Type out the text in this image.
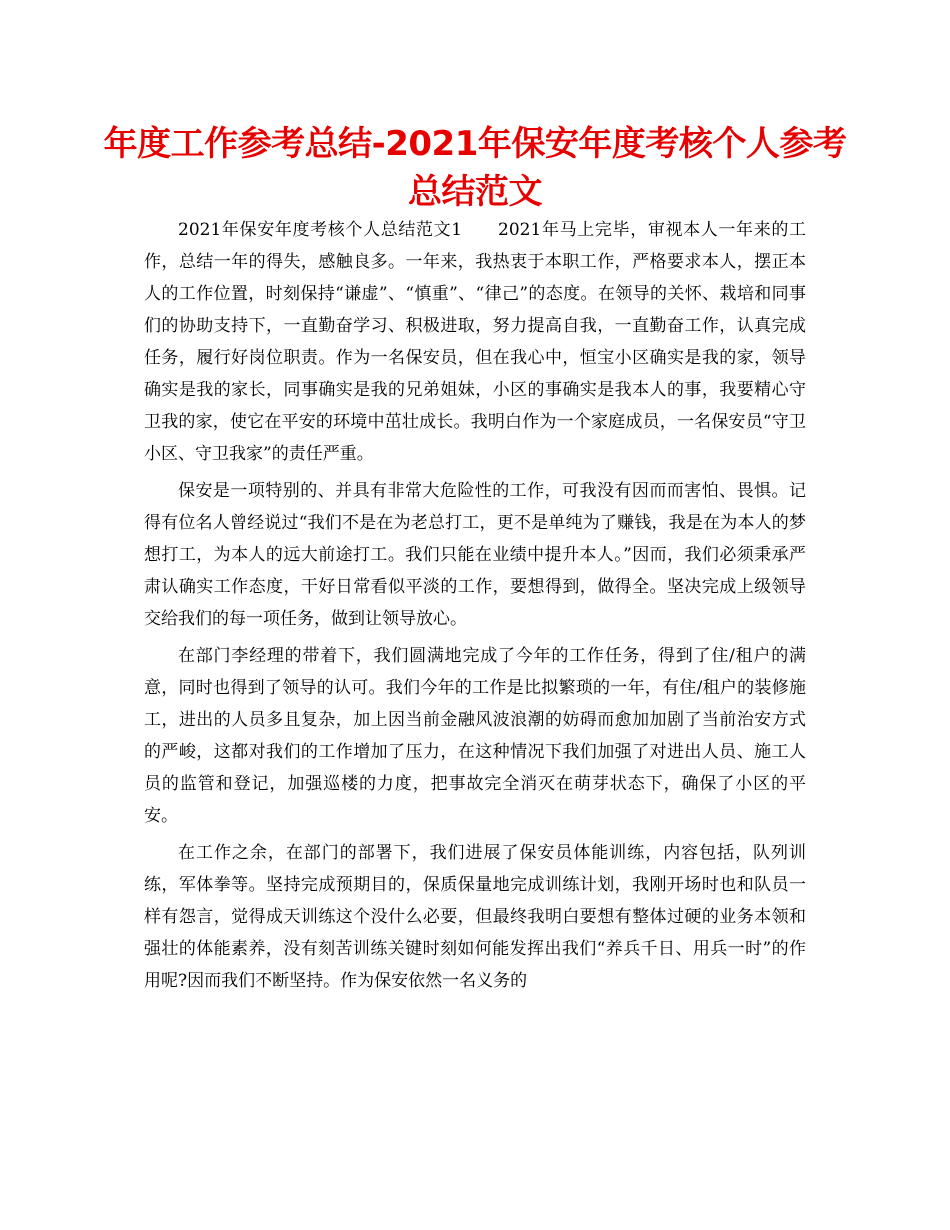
年度工作参考总结-2021年保安年度考核个人参考总结范文

2021年保安年度考核个人总结范文1　　2021年马上完毕，审视本人一年来的工作，总结一年的得失，感触良多。一年来，我热衷于本职工作，严格要求本人，摆正本人的工作位置，时刻保持“谦虚”、“慎重”、“律己”的态度。在领导的关怀、栽培和同事们的协助支持下，一直勤奋学习、积极进取，努力提高自我，一直勤奋工作，认真完成任务，履行好岗位职责。作为一名保安员，但在我心中，恒宝小区确实是我的家，领导确实是我的家长，同事确实是我的兄弟姐妹，小区的事确实是我本人的事，我要精心守卫我的家，使它在平安的环境中茁壮成长。我明白作为一个家庭成员，一名保安员“守卫小区、守卫我家”的责任严重。

保安是一项特别的、并具有非常大危险性的工作，可我没有因而而害怕、畏惧。记得有位名人曾经说过“我们不是在为老总打工，更不是单纯为了赚钱，我是在为本人的梦想打工，为本人的远大前途打工。我们只能在业绩中提升本人。”因而，我们必须秉承严肃认确实工作态度，干好日常看似平淡的工作，要想得到，做得全。坚决完成上级领导交给我们的每一项任务，做到让领导放心。

在部门李经理的带着下，我们圆满地完成了今年的工作任务，得到了住/租户的满意，同时也得到了领导的认可。我们今年的工作是比拟繁琐的一年，有住/租户的装修施工，进出的人员多且复杂，加上因当前金融风波浪潮的妨碍而愈加加剧了当前治安方式的严峻，这都对我们的工作增加了压力，在这种情况下我们加强了对进出人员、施工人员的监管和登记，加强巡楼的力度，把事故完全消灭在萌芽状态下，确保了小区的平安。

在工作之余，在部门的部署下，我们进展了保安员体能训练，内容包括，队列训练，军体拳等。坚持完成预期目的，保质保量地完成训练计划，我刚开场时也和队员一样有怨言，觉得成天训练这个没什么必要，但最终我明白要想有整体过硬的业务本领和强壮的体能素养，没有刻苦训练关键时刻如何能发挥出我们“养兵千日、用兵一时”的作用呢?因而我们不断坚持。作为保安依然一名义务的
